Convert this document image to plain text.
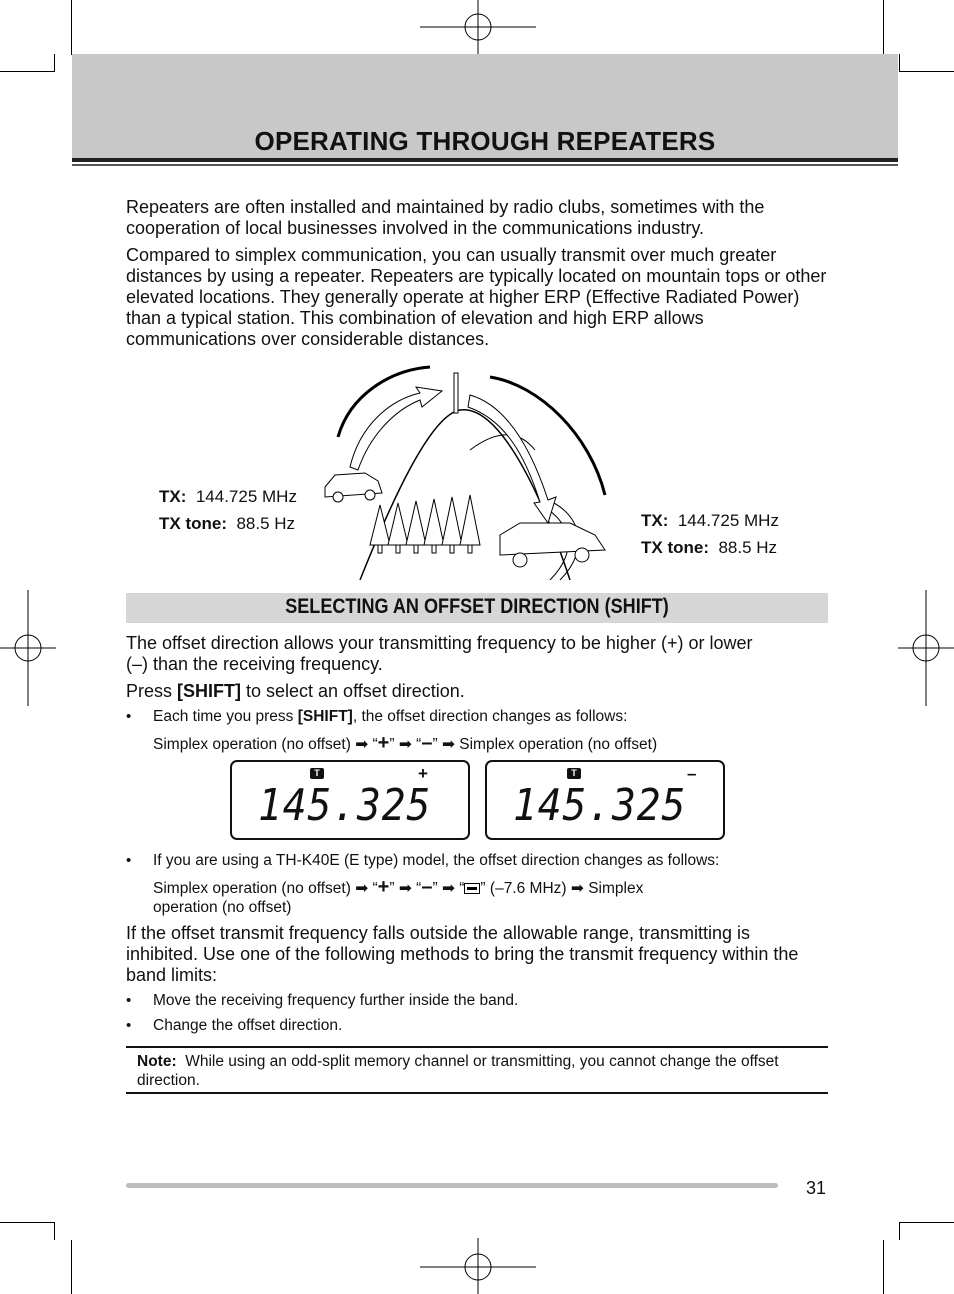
OPERATING THROUGH REPEATERS
Repeaters are often installed and maintained by radio clubs, sometimes with the cooperation of local businesses involved in the communications industry.
Compared to simplex communication, you can usually transmit over much greater distances by using a repeater. Repeaters are typically located on mountain tops or other elevated locations. They generally operate at higher ERP (Effective Radiated Power) than a typical station. This combination of elevation and high ERP allows communications over considerable distances.
TX: 144.725 MHz
TX tone: 88.5 Hz	TX: 144.725 MHz
TX tone: 88.5 Hz
SELECTING AN OFFSET DIRECTION (SHIFT)
The offset direction allows your transmitting frequency to be higher (+) or lower (–) than the receiving frequency.
Press [SHIFT] to select an offset direction.
• Each time you press [SHIFT], the offset direction changes as follows:
Simplex operation (no offset) ➡ “+” ➡ “–” ➡ Simplex operation (no offset)
T	+
145.325
T	–
145.325
• If you are using a TH-K40E (E type) model, the offset direction changes as follows:
Simplex operation (no offset) ➡ “+” ➡ “–” ➡ “ ” (–7.6 MHz) ➡ Simplex
operation (no offset)
If the offset transmit frequency falls outside the allowable range, transmitting is inhibited. Use one of the following methods to bring the transmit frequency within the band limits:
• Move the receiving frequency further inside the band.
• Change the offset direction.
Note: While using an odd-split memory channel or transmitting, you cannot change the offset direction.
31
